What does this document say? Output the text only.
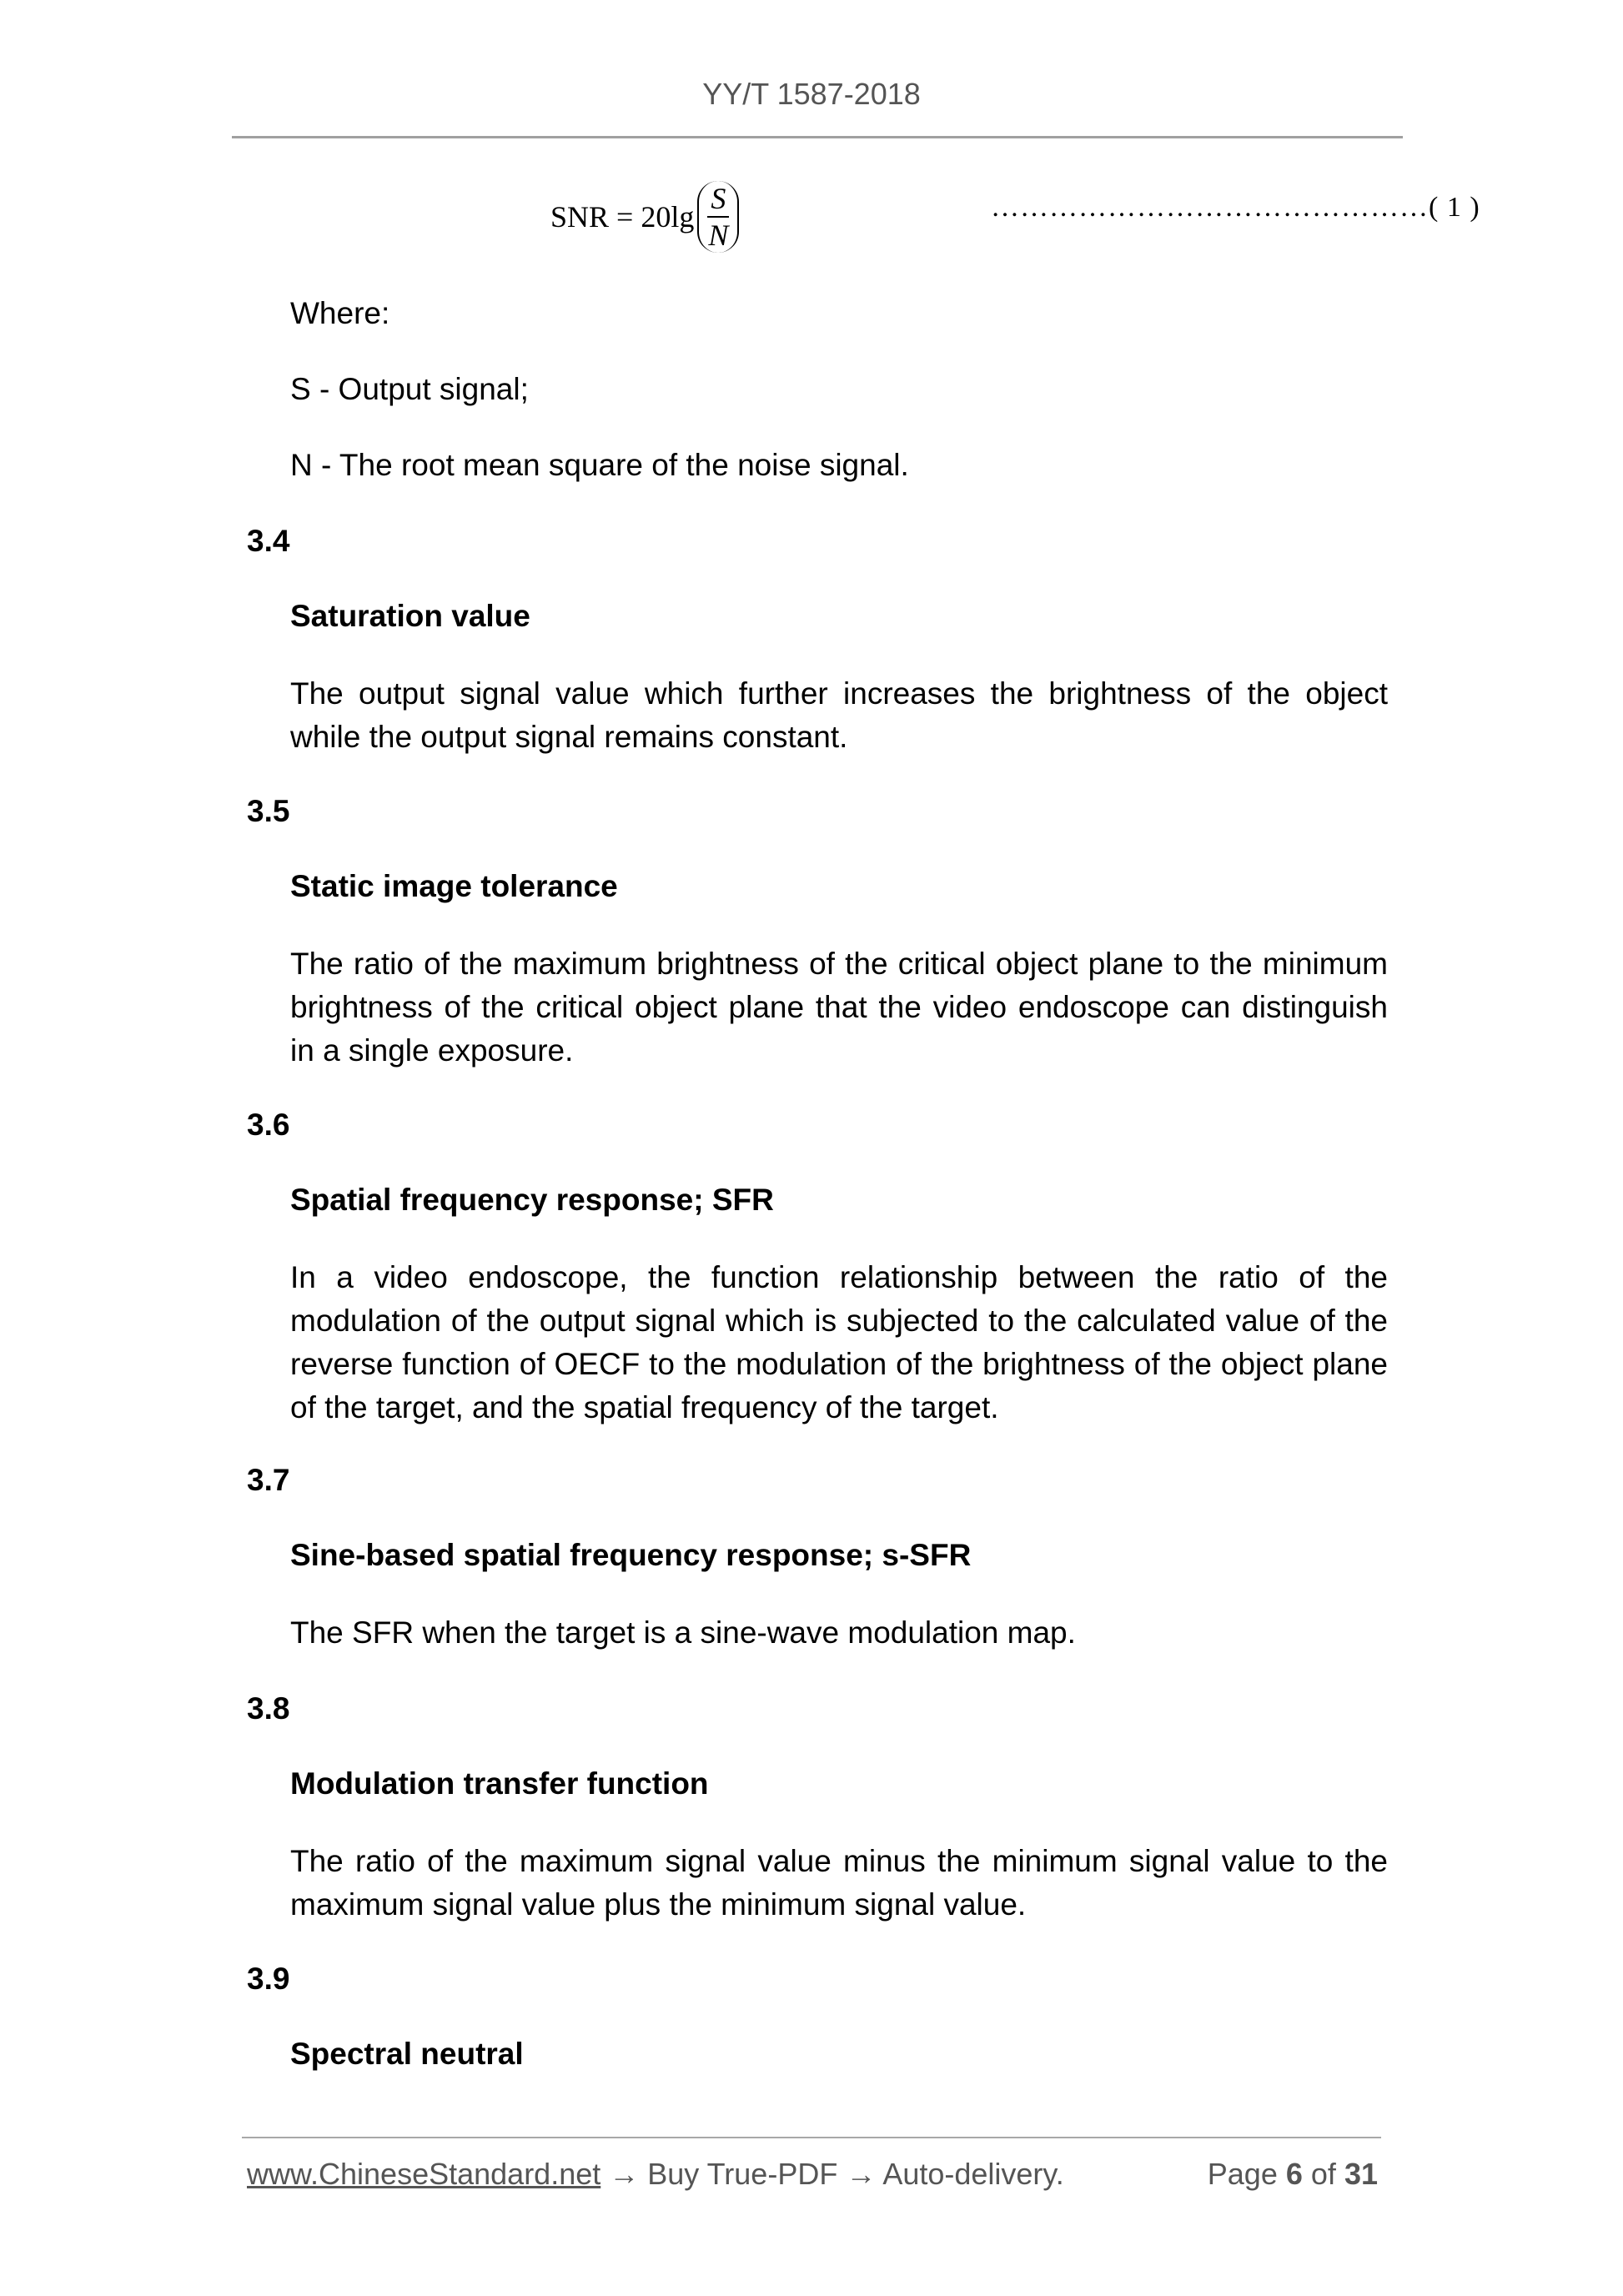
YY/T 1587-2018
SNR = $20\lg \frac{S}{N}$	………………………………………( 1 )
Where:
S - Output signal;
N - The root mean square of the noise signal.
3.4
Saturation value
The output signal value which further increases the brightness of the object while the output signal remains constant.
3.5
Static image tolerance
The ratio of the maximum brightness of the critical object plane to the minimum brightness of the critical object plane that the video endoscope can distinguish in a single exposure.
3.6
Spatial frequency response; SFR
In a video endoscope, the function relationship between the ratio of the modulation of the output signal which is subjected to the calculated value of the reverse function of OECF to the modulation of the brightness of the object plane of the target, and the spatial frequency of the target.
3.7
Sine-based spatial frequency response; s-SFR
The SFR when the target is a sine-wave modulation map.
3.8
Modulation transfer function
The ratio of the maximum signal value minus the minimum signal value to the maximum signal value plus the minimum signal value.
3.9
Spectral neutral
www.ChineseStandard.net → Buy True-PDF → Auto-delivery.	Page 6 of 31
